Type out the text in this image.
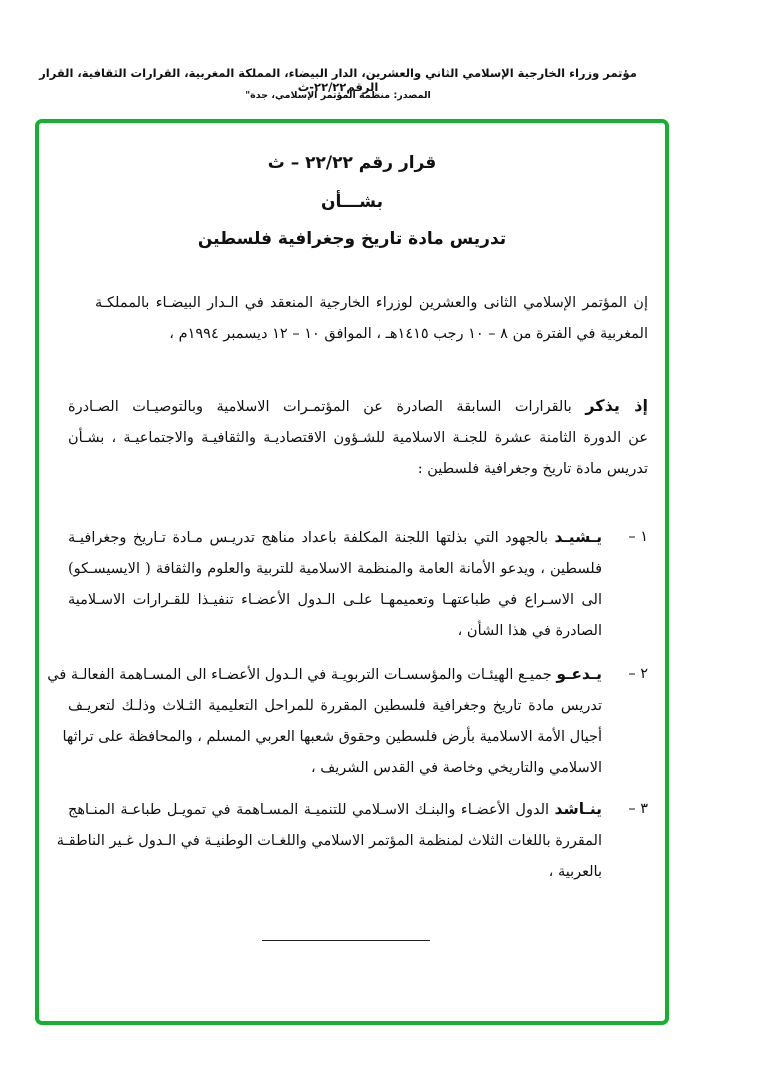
مؤتمر وزراء الخارجية الإسلامي الثاني والعشرين، الدار البيضاء، المملكة المغربية، القرارات الثقافية، القرار الرقم٢٢/٢٢-ث
المصدر: منظمة المؤتمر الإسلامي، جدة"
قرار رقم ٢٢/٢٢ – ث
بشـــأن
تدريس مادة تاريخ وجغرافية فلسطين
إن المؤتمر الإسلامي الثانى والعشرين لوزراء الخارجية المنعقد في الـدار البيضـاء بالمملكـة
المغربية في الفترة من ٨ – ١٠ رجب ١٤١٥هـ ، الموافق ١٠ – ١٢ ديسمبر ١٩٩٤م ،
إذ يذكر بالقرارات السابقة الصادرة عن المؤتمـرات الاسلامية وبالتوصيـات الصـادرة
عن الدورة الثامنة عشرة للجنـة الاسلامية للشـؤون الاقتصاديـة والثقافيـة والاجتماعيـة ، بشـأن
تدريس مادة تاريخ وجغرافية فلسطين :
١ –
يـشيـد بالجهود التي بذلتها اللجنة المكلفة باعداد مناهج تدريـس مـادة تـاريخ وجغرافيـة
فلسطين ، ويدعو الأمانة العامة والمنظمة الاسلامية للتربية والعلوم والثقافة ( الايسيسـكو)
الى الاسـراع في طباعتهـا وتعميمهـا علـى الـدول الأعضـاء تنفيـذا للقـرارات الاسـلامية
الصادرة في هذا الشأن ،
٢ –
يـدعـو جميـع الهيئـات والمؤسسـات التربويـة في الـدول الأعضـاء الى المسـاهمة الفعالـة في
تدريس مادة تاريخ وجغرافية فلسطين المقررة للمراحل التعليمية الثـلاث وذلـك لتعريـف
أجيال الأمة الاسلامية بأرض فلسطين وحقوق شعبها العربي المسلم ، والمحافظة على تراثها
الاسلامي والتاريخي وخاصة في القدس الشريف ،
٣ –
ينـاشد الدول الأعضـاء والبنـك الاسـلامي للتنميـة المسـاهمة في تمويـل طباعـة المنـاهج
المقررة باللغات الثلاث لمنظمة المؤتمر الاسلامي واللغـات الوطنيـة في الـدول غـير الناطقـة
بالعربية ،
